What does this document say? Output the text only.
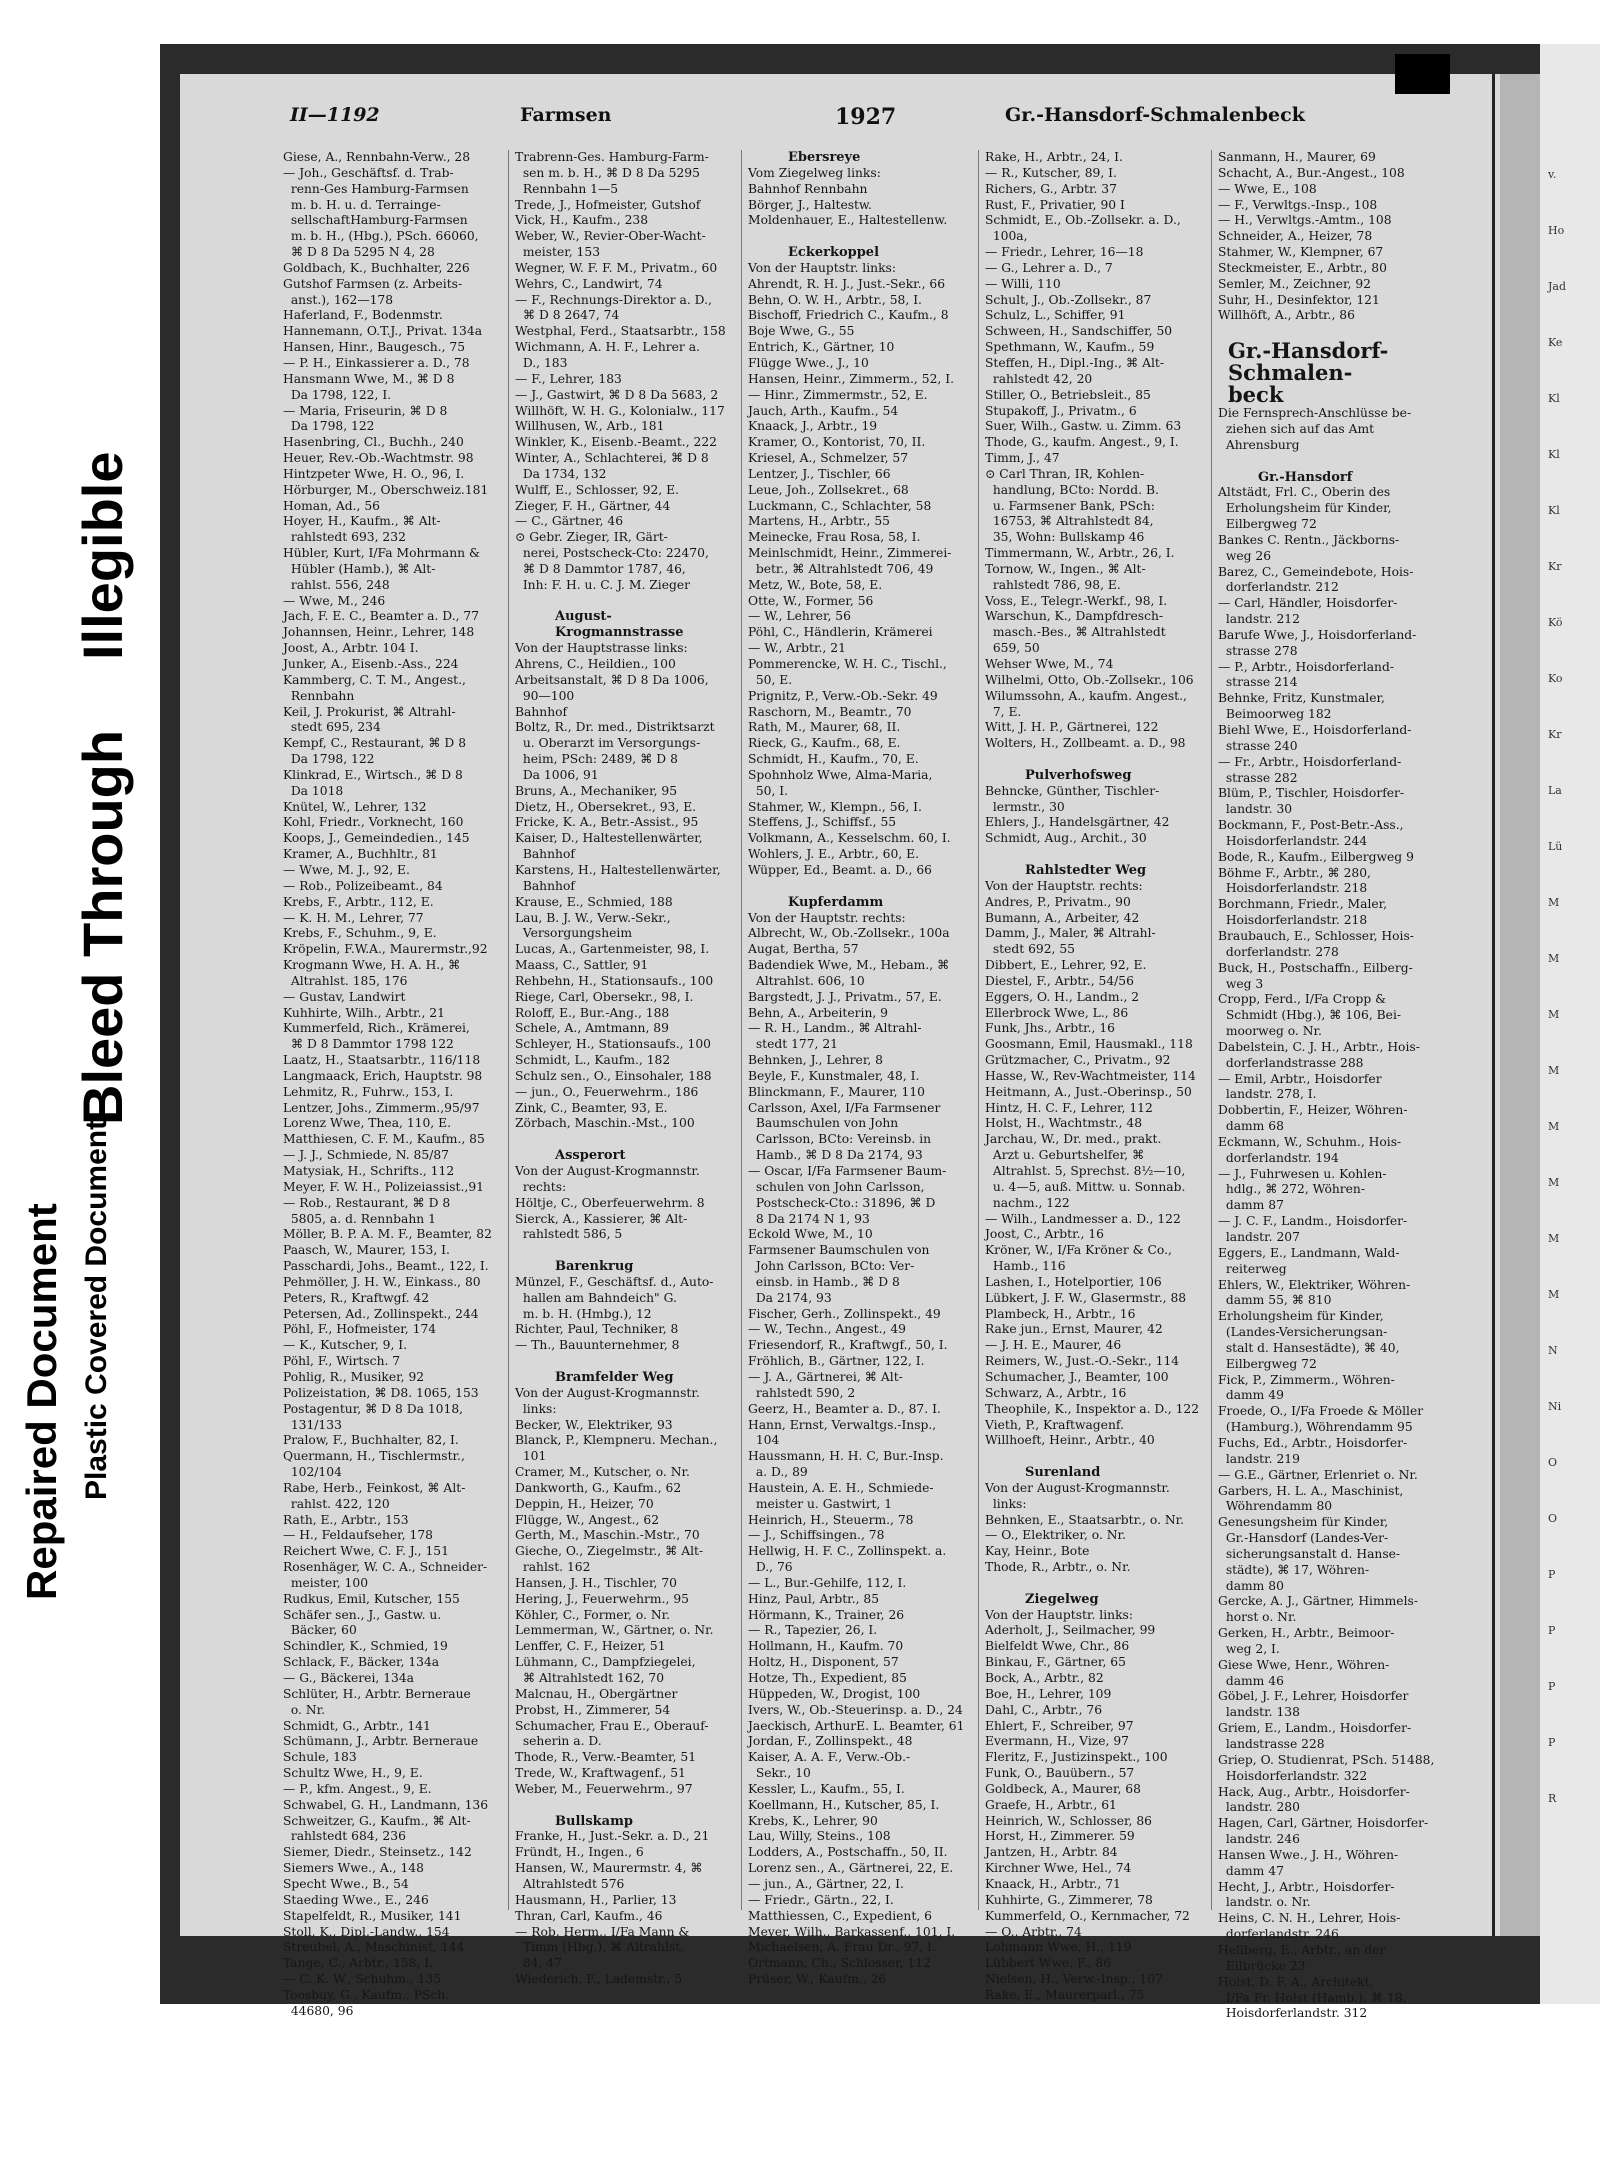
Repaired Document Plastic Covered Document
Bleed Through
Illegible
v.
Ho
Jad
Ke
Kl
Kl
Kl
Kr
Kö
Ko
Kr
La
Lü
M
M
M
M
M
M
M
M
N
Ni
O
O
P
P
P
P
R
II—1192	Farmsen	1927	Gr.-Hansdorf-Schmalenbeck
Giese, A., Rennbahn-Verw., 28
— Joh., Geschäftsf. d. Trab-
renn-Ges Hamburg-Farmsen
m. b. H. u. d. Terrainge-
sellschaftHamburg-Farmsen
m. b. H., (Hbg.), PSch. 66060,
⌘ D 8 Da 5295 N 4, 28
Goldbach, K., Buchhalter, 226
Gutshof Farmsen (z. Arbeits-
anst.), 162—178
Haferland, F., Bodenmstr.
Hannemann, O.T.J., Privat. 134a
Hansen, Hinr., Baugesch., 75
— P. H., Einkassierer a. D., 78
Hansmann Wwe, M., ⌘ D 8
Da 1798, 122, I.
— Maria, Friseurin, ⌘ D 8
Da 1798, 122
Hasenbring, Cl., Buchh., 240
Heuer, Rev.-Ob.-Wachtmstr. 98
Hintzpeter Wwe, H. O., 96, I.
Hörburger, M., Oberschweiz.181
Homan, Ad., 56
Hoyer, H., Kaufm., ⌘ Alt-
rahlstedt 693, 232
Hübler, Kurt, I/Fa Mohrmann &
Hübler (Hamb.), ⌘ Alt-
rahlst. 556, 248
— Wwe, M., 246
Jach, F. E. C., Beamter a. D., 77
Johannsen, Heinr., Lehrer, 148
Joost, A., Arbtr. 104 I.
Junker, A., Eisenb.-Ass., 224
Kammberg, C. T. M., Angest.,
Rennbahn
Keil, J. Prokurist, ⌘ Altrahl-
stedt 695, 234
Kempf, C., Restaurant, ⌘ D 8
Da 1798, 122
Klinkrad, E., Wirtsch., ⌘ D 8
Da 1018
Knütel, W., Lehrer, 132
Kohl, Friedr., Vorknecht, 160
Koops, J., Gemeindedien., 145
Kramer, A., Buchhltr., 81
— Wwe, M. J., 92, E.
— Rob., Polizeibeamt., 84
Krebs, F., Arbtr., 112, E.
— K. H. M., Lehrer, 77
Krebs, F., Schuhm., 9, E.
Kröpelin, F.W.A., Maurermstr.,92
Krogmann Wwe, H. A. H., ⌘
Altrahlst. 185, 176
— Gustav, Landwirt
Kuhhirte, Wilh., Arbtr., 21
Kummerfeld, Rich., Krämerei,
⌘ D 8 Dammtor 1798 122
Laatz, H., Staatsarbtr., 116/118
Langmaack, Erich, Hauptstr. 98
Lehmitz, R., Fuhrw., 153, I.
Lentzer, Johs., Zimmerm.,95/97
Lorenz Wwe, Thea, 110, E.
Matthiesen, C. F. M., Kaufm., 85
— J. J., Schmiede, N. 85/87
Matysiak, H., Schrifts., 112
Meyer, F. W. H., Polizeiassist.,91
— Rob., Restaurant, ⌘ D 8
5805, a. d. Rennbahn 1
Möller, B. P. A. M. F., Beamter, 82
Paasch, W., Maurer, 153, I.
Passchardi, Johs., Beamt., 122, I.
Pehmöller, J. H. W., Einkass., 80
Peters, R., Kraftwgf. 42
Petersen, Ad., Zollinspekt., 244
Pöhl, F., Hofmeister, 174
— K., Kutscher, 9, I.
Pöhl, F., Wirtsch. 7
Pohlig, R., Musiker, 92
Polizeistation, ⌘ D8. 1065, 153
Postagentur, ⌘ D 8 Da 1018,
131/133
Pralow, F., Buchhalter, 82, I.
Quermann, H., Tischlermstr.,
102/104
Rabe, Herb., Feinkost, ⌘ Alt-
rahlst. 422, 120
Rath, E., Arbtr., 153
— H., Feldaufseher, 178
Reichert Wwe, C. F. J., 151
Rosenhäger, W. C. A., Schneider-
meister, 100
Rudkus, Emil, Kutscher, 155
Schäfer sen., J., Gastw. u.
Bäcker, 60
Schindler, K., Schmied, 19
Schlack, F., Bäcker, 134a
— G., Bäckerei, 134a
Schlüter, H., Arbtr. Berneraue
o. Nr.
Schmidt, G., Arbtr., 141
Schümann, J., Arbtr. Berneraue
Schule, 183
Schultz Wwe, H., 9, E.
— P., kfm. Angest., 9, E.
Schwabel, G. H., Landmann, 136
Schweitzer, G., Kaufm., ⌘ Alt-
rahlstedt 684, 236
Siemer, Diedr., Steinsetz., 142
Siemers Wwe., A., 148
Specht Wwe., B., 54
Staeding Wwe., E., 246
Stapelfeldt, R., Musiker, 141
Stoll, K., Dipl.-Landw., 154
Streubel, A., Maschinist, 144
Tange, C., Arbtr., 158, I.
— C. K. W., Schuhm., 135
Toosbuy, G., Kaufm., PSch.
44680, 96
Trabrenn-Ges. Hamburg-Farm-
sen m. b. H., ⌘ D 8 Da 5295
Rennbahn 1—5
Trede, J., Hofmeister, Gutshof
Vick, H., Kaufm., 238
Weber, W., Revier-Ober-Wacht-
meister, 153
Wegner, W. F. F. M., Privatm., 60
Wehrs, C., Landwirt, 74
— F., Rechnungs-Direktor a. D.,
⌘ D 8 2647, 74
Westphal, Ferd., Staatsarbtr., 158
Wichmann, A. H. F., Lehrer a.
D., 183
— F., Lehrer, 183
— J., Gastwirt, ⌘ D 8 Da 5683, 2
Willhöft, W. H. G., Kolonialw., 117
Willhusen, W., Arb., 181
Winkler, K., Eisenb.-Beamt., 222
Winter, A., Schlachterei, ⌘ D 8
Da 1734, 132
Wulff, E., Schlosser, 92, E.
Zieger, F. H., Gärtner, 44
— C., Gärtner, 46
⊙ Gebr. Zieger, IR, Gärt-
nerei, Postscheck-Cto: 22470,
⌘ D 8 Dammtor 1787, 46,
Inh: F. H. u. C. J. M. Zieger

August-
Krogmannstrasse
Von der Hauptstrasse links:
Ahrens, C., Heildien., 100
Arbeitsanstalt, ⌘ D 8 Da 1006,
90—100
Bahnhof
Boltz, R., Dr. med., Distriktsarzt
u. Oberarzt im Versorgungs-
heim, PSch: 2489, ⌘ D 8
Da 1006, 91
Bruns, A., Mechaniker, 95
Dietz, H., Obersekret., 93, E.
Fricke, K. A., Betr.-Assist., 95
Kaiser, D., Haltestellenwärter,
Bahnhof
Karstens, H., Haltestellenwärter,
Bahnhof
Krause, E., Schmied, 188
Lau, B. J. W., Verw.-Sekr.,
Versorgungsheim
Lucas, A., Gartenmeister, 98, I.
Maass, C., Sattler, 91
Rehbehn, H., Stationsaufs., 100
Riege, Carl, Obersekr., 98, I.
Roloff, E., Bur.-Ang., 188
Schele, A., Amtmann, 89
Schleyer, H., Stationsaufs., 100
Schmidt, L., Kaufm., 182
Schulz sen., O., Einsohaler, 188
— jun., O., Feuerwehrm., 186
Zink, C., Beamter, 93, E.
Zörbach, Maschin.-Mst., 100

Assperort
Von der August-Krogmannstr.
rechts:
Höltje, C., Oberfeuerwehrm. 8
Sierck, A., Kassierer, ⌘ Alt-
rahlstedt 586, 5

Barenkrug
Münzel, F., Geschäftsf. d., Auto-
hallen am Bahndeich" G.
m. b. H. (Hmbg.), 12
Richter, Paul, Techniker, 8
— Th., Bauunternehmer, 8

Bramfelder Weg
Von der August-Krogmannstr.
links:
Becker, W., Elektriker, 93
Blanck, P., Klempneru. Mechan.,
101
Cramer, M., Kutscher, o. Nr.
Dankworth, G., Kaufm., 62
Deppin, H., Heizer, 70
Flügge, W., Angest., 62
Gerth, M., Maschin.-Mstr., 70
Gieche, O., Ziegelmstr., ⌘ Alt-
rahlst. 162
Hansen, J. H., Tischler, 70
Hering, J., Feuerwehrm., 95
Köhler, C., Former, o. Nr.
Lemmerman, W., Gärtner, o. Nr.
Lenffer, C. F., Heizer, 51
Lühmann, C., Dampfziegelei,
⌘ Altrahlstedt 162, 70
Malcnau, H., Obergärtner
Probst, H., Zimmerer, 54
Schumacher, Frau E., Oberauf-
seherin a. D.
Thode, R., Verw.-Beamter, 51
Trede, W., Kraftwagenf., 51
Weber, M., Feuerwehrm., 97

Bullskamp
Franke, H., Just.-Sekr. a. D., 21
Fründt, H., Ingen., 6
Hansen, W., Maurermstr. 4, ⌘
Altrahlstedt 576
Hausmann, H., Parlier, 13
Thran, Carl, Kaufm., 46
— Rob. Herm., I/Fa Mann &
Timm (Hbg.), ⌘ Altrahlst.
84, 47
Wiederich, F., Lademstr., 5
Ebersreye
Vom Ziegelweg links:
Bahnhof Rennbahn
Börger, J., Haltestw.
Moldenhauer, E., Haltestellenw.

Eckerkoppel
Von der Hauptstr. links:
Ahrendt, R. H. J., Just.-Sekr., 66
Behn, O. W. H., Arbtr., 58, I.
Bischoff, Friedrich C., Kaufm., 8
Boje Wwe, G., 55
Entrich, K., Gärtner, 10
Flügge Wwe., J., 10
Hansen, Heinr., Zimmerm., 52, I.
— Hinr., Zimmermstr., 52, E.
Jauch, Arth., Kaufm., 54
Knaack, J., Arbtr., 19
Kramer, O., Kontorist, 70, II.
Kriesel, A., Schmelzer, 57
Lentzer, J., Tischler, 66
Leue, Joh., Zollsekret., 68
Luckmann, C., Schlachter, 58
Martens, H., Arbtr., 55
Meinecke, Frau Rosa, 58, I.
Meinlschmidt, Heinr., Zimmerei-
betr., ⌘ Altrahlstedt 706, 49
Metz, W., Bote, 58, E.
Otte, W., Former, 56
— W., Lehrer, 56
Pöhl, C., Händlerin, Krämerei
— W., Arbtr., 21
Pommerencke, W. H. C., Tischl.,
50, E.
Prignitz, P., Verw.-Ob.-Sekr. 49
Raschorn, M., Beamtr., 70
Rath, M., Maurer, 68, II.
Rieck, G., Kaufm., 68, E.
Schmidt, H., Kaufm., 70, E.
Spohnholz Wwe, Alma-Maria,
50, I.
Stahmer, W., Klempn., 56, I.
Steffens, J., Schiffsf., 55
Volkmann, A., Kesselschm. 60, I.
Wohlers, J. E., Arbtr., 60, E.
Wüpper, Ed., Beamt. a. D., 66

Kupferdamm
Von der Hauptstr. rechts:
Albrecht, W., Ob.-Zollsekr., 100a
Augat, Bertha, 57
Badendiek Wwe, M., Hebam., ⌘
Altrahlst. 606, 10
Bargstedt, J. J., Privatm., 57, E.
Behn, A., Arbeiterin, 9
— R. H., Landm., ⌘ Altrahl-
stedt 177, 21
Behnken, J., Lehrer, 8
Beyle, F., Kunstmaler, 48, I.
Blinckmann, F., Maurer, 110
Carlsson, Axel, I/Fa Farmsener
Baumschulen von John
Carlsson, BCto: Vereinsb. in
Hamb., ⌘ D 8 Da 2174, 93
— Oscar, I/Fa Farmsener Baum-
schulen von John Carlsson,
Postscheck-Cto.: 31896, ⌘ D
8 Da 2174 N 1, 93
Eckold Wwe, M., 10
Farmsener Baumschulen von
John Carlsson, BCto: Ver-
einsb. in Hamb., ⌘ D 8
Da 2174, 93
Fischer, Gerh., Zollinspekt., 49
— W., Techn., Angest., 49
Friesendorf, R., Kraftwgf., 50, I.
Fröhlich, B., Gärtner, 122, I.
— J. A., Gärtnerei, ⌘ Alt-
rahlstedt 590, 2
Geerz, H., Beamter a. D., 87. I.
Hann, Ernst, Verwaltgs.-Insp.,
104
Haussmann, H. H. C, Bur.-Insp.
a. D., 89
Haustein, A. E. H., Schmiede-
meister u. Gastwirt, 1
Heinrich, H., Steuerm., 78
— J., Schiffsingen., 78
Hellwig, H. F. C., Zollinspekt. a.
D., 76
— L., Bur.-Gehilfe, 112, I.
Hinz, Paul, Arbtr., 85
Hörmann, K., Trainer, 26
— R., Tapezier, 26, I.
Hollmann, H., Kaufm. 70
Holtz, H., Disponent, 57
Hotze, Th., Expedient, 85
Hüppeden, W., Drogist, 100
Ivers, W., Ob.-Steuerinsp. a. D., 24
Jaeckisch, ArthurE. L. Beamter, 61
Jordan, F., Zollinspekt., 48
Kaiser, A. A. F., Verw.-Ob.-
Sekr., 10
Kessler, L., Kaufm., 55, I.
Koellmann, H., Kutscher, 85, I.
Krebs, K., Lehrer, 90
Lau, Willy, Steins., 108
Lodders, A., Postschaffn., 50, II.
Lorenz sen., A., Gärtnerei, 22, E.
— jun., A., Gärtner, 22, I.
— Friedr., Gärtn., 22, I.
Matthiessen, C., Expedient, 6
Meyer, Wilh., Barkassenf., 101, I.
Michaelsen, A. Frau Dr., 97, I.
Ortmann, Ch., Schlosser, 112
Prüser, W., Kaufm., 26
Rake, H., Arbtr., 24, I.
— R., Kutscher, 89, I.
Richers, G., Arbtr. 37
Rust, F., Privatier, 90 I
Schmidt, E., Ob.-Zollsekr. a. D.,
100a,
— Friedr., Lehrer, 16—18
— G., Lehrer a. D., 7
— Willi, 110
Schult, J., Ob.-Zollsekr., 87
Schulz, L., Schiffer, 91
Schween, H., Sandschiffer, 50
Spethmann, W., Kaufm., 59
Steffen, H., Dipl.-Ing., ⌘ Alt-
rahlstedt 42, 20
Stiller, O., Betriebsleit., 85
Stupakoff, J., Privatm., 6
Suer, Wilh., Gastw. u. Zimm. 63
Thode, G., kaufm. Angest., 9, I.
Timm, J., 47
⊙ Carl Thran, IR, Kohlen-
handlung, BCto: Nordd. B.
u. Farmsener Bank, PSch:
16753, ⌘ Altrahlstedt 84,
35, Wohn: Bullskamp 46
Timmermann, W., Arbtr., 26, I.
Tornow, W., Ingen., ⌘ Alt-
rahlstedt 786, 98, E.
Voss, E., Telegr.-Werkf., 98, I.
Warschun, K., Dampfdresch-
masch.-Bes., ⌘ Altrahlstedt
659, 50
Wehser Wwe, M., 74
Wilhelmi, Otto, Ob.-Zollsekr., 106
Wilumssohn, A., kaufm. Angest.,
7, E.
Witt, J. H. P., Gärtnerei, 122
Wolters, H., Zollbeamt. a. D., 98

Pulverhofsweg
Behncke, Günther, Tischler-
lermstr., 30
Ehlers, J., Handelsgärtner, 42
Schmidt, Aug., Archit., 30

Rahlstedter Weg
Von der Hauptstr. rechts:
Andres, P., Privatm., 90
Bumann, A., Arbeiter, 42
Damm, J., Maler, ⌘ Altrahl-
stedt 692, 55
Dibbert, E., Lehrer, 92, E.
Diestel, F., Arbtr., 54/56
Eggers, O. H., Landm., 2
Ellerbrock Wwe, L., 86
Funk, Jhs., Arbtr., 16
Goosmann, Emil, Hausmakl., 118
Grützmacher, C., Privatm., 92
Hasse, W., Rev-Wachtmeister, 114
Heitmann, A., Just.-Oberinsp., 50
Hintz, H. C. F., Lehrer, 112
Holst, H., Wachtmstr., 48
Jarchau, W., Dr. med., prakt.
Arzt u. Geburtshelfer, ⌘
Altrahlst. 5, Sprechst. 8½—10,
u. 4—5, auß. Mittw. u. Sonnab.
nachm., 122
— Wilh., Landmesser a. D., 122
Joost, C., Arbtr., 16
Kröner, W., I/Fa Kröner & Co.,
Hamb., 116
Lashen, I., Hotelportier, 106
Lübkert, J. F. W., Glasermstr., 88
Plambeck, H., Arbtr., 16
Rake jun., Ernst, Maurer, 42
— J. H. E., Maurer, 46
Reimers, W., Just.-O.-Sekr., 114
Schumacher, J., Beamter, 100
Schwarz, A., Arbtr., 16
Theophile, K., Inspektor a. D., 122
Vieth, P., Kraftwagenf.
Willhoeft, Heinr., Arbtr., 40

Surenland
Von der August-Krogmannstr.
links:
Behnken, E., Staatsarbtr., o. Nr.
— O., Elektriker, o. Nr.
Kay, Heinr., Bote
Thode, R., Arbtr., o. Nr.

Ziegelweg
Von der Hauptstr. links:
Aderholt, J., Seilmacher, 99
Bielfeldt Wwe, Chr., 86
Binkau, F., Gärtner, 65
Bock, A., Arbtr., 82
Boe, H., Lehrer, 109
Dahl, C., Arbtr., 76
Ehlert, F., Schreiber, 97
Evermann, H., Vize, 97
Fleritz, F., Justizinspekt., 100
Funk, O., Bauübern., 57
Goldbeck, A., Maurer, 68
Graefe, H., Arbtr., 61
Heinrich, W., Schlosser, 86
Horst, H., Zimmerer. 59
Jantzen, H., Arbtr. 84
Kirchner Wwe, Hel., 74
Knaack, H., Arbtr., 71
Kuhhirte, G., Zimmerer, 78
Kummerfeld, O., Kernmacher, 72
— O., Arbtr., 74
Lohmann Wwe, H., 119
Lübbert Wwe, F., 86
Nielsen, H., Verw.-Insp., 107
Rake, E., Maurerparl., 75
Sanmann, H., Maurer, 69
Schacht, A., Bur.-Angest., 108
— Wwe, E., 108
— F., Verwltgs.-Insp., 108
— H., Verwltgs.-Amtm., 108
Schneider, A., Heizer, 78
Stahmer, W., Klempner, 67
Steckmeister, E., Arbtr., 80
Semler, M., Zeichner, 92
Suhr, H., Desinfektor, 121
Willhöft, A., Arbtr., 86

Gr.-Hansdorf-
Schmalen-
beck
Die Fernsprech-Anschlüsse be-
ziehen sich auf das Amt
Ahrensburg

Gr.-Hansdorf
Altstädt, Frl. C., Oberin des
Erholungsheim für Kinder,
Eilbergweg 72
Bankes C. Rentn., Jäckborns-
weg 26
Barez, C., Gemeindebote, Hois-
dorferlandstr. 212
— Carl, Händler, Hoisdorfer-
landstr. 212
Barufe Wwe, J., Hoisdorferland-
strasse 278
— P., Arbtr., Hoisdorferland-
strasse 214
Behnke, Fritz, Kunstmaler,
Beimoorweg 182
Biehl Wwe, E., Hoisdorferland-
strasse 240
— Fr., Arbtr., Hoisdorferland-
strasse 282
Blüm, P., Tischler, Hoisdorfer-
landstr. 30
Bockmann, F., Post-Betr.-Ass.,
Hoisdorferlandstr. 244
Bode, R., Kaufm., Eilbergweg 9
Böhme F., Arbtr., ⌘ 280,
Hoisdorferlandstr. 218
Borchmann, Friedr., Maler,
Hoisdorferlandstr. 218
Braubauch, E., Schlosser, Hois-
dorferlandstr. 278
Buck, H., Postschaffn., Eilberg-
weg 3
Cropp, Ferd., I/Fa Cropp &
Schmidt (Hbg.), ⌘ 106, Bei-
moorweg o. Nr.
Dabelstein, C. J. H., Arbtr., Hois-
dorferlandstrasse 288
— Emil, Arbtr., Hoisdorfer
landstr. 278, I.
Dobbertin, F., Heizer, Wöhren-
damm 68
Eckmann, W., Schuhm., Hois-
dorferlandstr. 194
— J., Fuhrwesen u. Kohlen-
hdlg., ⌘ 272, Wöhren-
damm 87
— J. C. F., Landm., Hoisdorfer-
landstr. 207
Eggers, E., Landmann, Wald-
reiterweg
Ehlers, W., Elektriker, Wöhren-
damm 55, ⌘ 810
Erholungsheim für Kinder,
(Landes-Versicherungsan-
stalt d. Hansestädte), ⌘ 40,
Eilbergweg 72
Fick, P., Zimmerm., Wöhren-
damm 49
Froede, O., I/Fa Froede & Möller
(Hamburg.), Wöhrendamm 95
Fuchs, Ed., Arbtr., Hoisdorfer-
landstr. 219
— G.E., Gärtner, Erlenriet o. Nr.
Garbers, H. L. A., Maschinist,
Wöhrendamm 80
Genesungsheim für Kinder,
Gr.-Hansdorf (Landes-Ver-
sicherungsanstalt d. Hanse-
städte), ⌘ 17, Wöhren-
damm 80
Gercke, A. J., Gärtner, Himmels-
horst o. Nr.
Gerken, H., Arbtr., Beimoor-
weg 2, I.
Giese Wwe, Henr., Wöhren-
damm 46
Göbel, J. F., Lehrer, Hoisdorfer
landstr. 138
Griem, E., Landm., Hoisdorfer-
landstrasse 228
Griep, O. Studienrat, PSch. 51488,
Hoisdorferlandstr. 322
Hack, Aug., Arbtr., Hoisdorfer-
landstr. 280
Hagen, Carl, Gärtner, Hoisdorfer-
landstr. 246
Hansen Wwe., J. H., Wöhren-
damm 47
Hecht, J., Arbtr., Hoisdorfer-
landstr. o. Nr.
Heins, C. N. H., Lehrer, Hois-
dorferlandstr. 246
Hellberg, E., Arbtr., an der
Eilbrücke 23
Holst, D. F. A., Architekt,
I/Fa Fr. Holst (Hamb.), ⌘ 18,
Hoisdorferlandstr. 312
